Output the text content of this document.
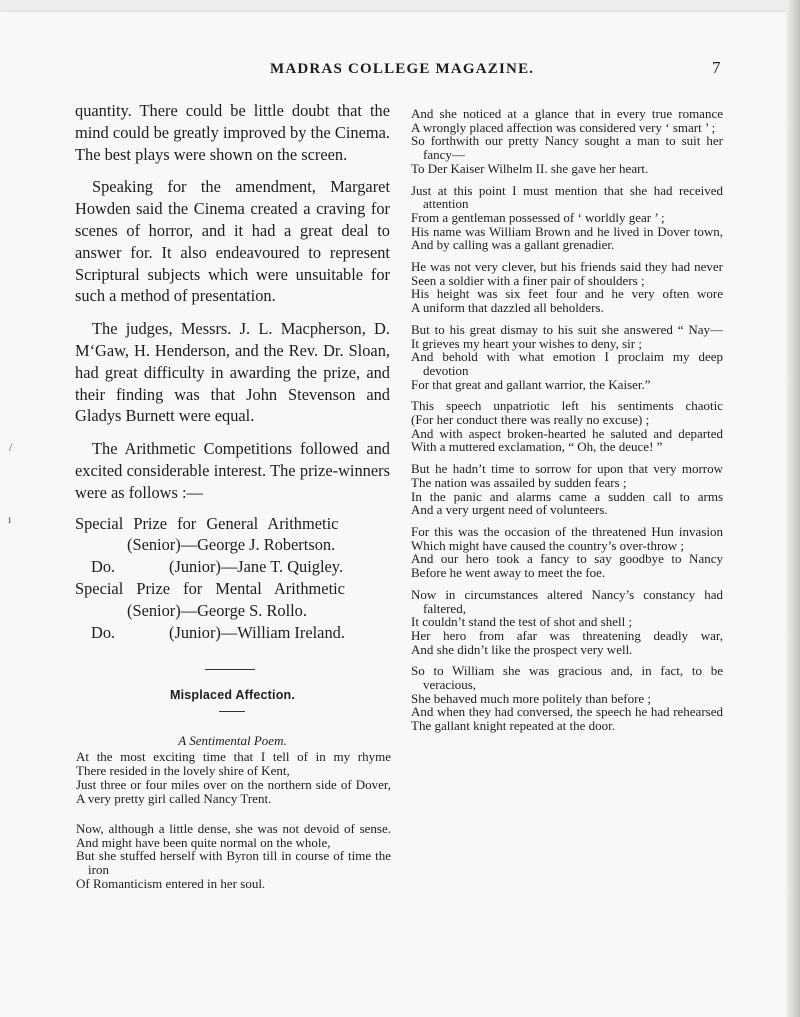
MADRAS COLLEGE MAGAZINE.	7

quantity. There could be little doubt that the mind could be greatly improved by the Cinema. The best plays were shown on the screen.

Speaking for the amendment, Margaret Howden said the Cinema created a craving for scenes of horror, and it had a great deal to answer for. It also endeavoured to represent Scriptural subjects which were unsuitable for such a method of presentation.

The judges, Messrs. J. L. Macpherson, D. M‘Gaw, H. Henderson, and the Rev. Dr. Sloan, had great difficulty in awarding the prize, and their finding was that John Stevenson and Gladys Burnett were equal.

The Arithmetic Competitions followed and excited considerable interest. The prize-winners were as follows :—

Special Prize for General Arithmetic
(Senior)—George J. Robertson.
Do.	(Junior)—Jane T. Quigley.
Special Prize for Mental Arithmetic
(Senior)—George S. Rollo.
Do.	(Junior)—William Ireland.
Misplaced Affection.
A Sentimental Poem.
At the most exciting time that I tell of in my rhyme
There resided in the lovely shire of Kent,
Just three or four miles over on the northern side of Dover,
A very pretty girl called Nancy Trent.
Now, although a little dense, she was not devoid of sense.
And might have been quite normal on the whole,
But she stuffed herself with Byron till in course of time the iron
Of Romanticism entered in her soul.
And she noticed at a glance that in every true romance
A wrongly placed affection was considered very ‘ smart ’ ;
So forthwith our pretty Nancy sought a man to suit her fancy—
To Der Kaiser Wilhelm II. she gave her heart.
Just at this point I must mention that she had received attention
From a gentleman possessed of ‘ worldly gear ’ ;
His name was William Brown and he lived in Dover town,
And by calling was a gallant grenadier.
He was not very clever, but his friends said they had never
Seen a soldier with a finer pair of shoulders ;
His height was six feet four and he very often wore
A uniform that dazzled all beholders.
But to his great dismay to his suit she answered “ Nay—
It grieves my heart your wishes to deny, sir ;
And behold with what emotion I proclaim my deep devotion
For that great and gallant warrior, the Kaiser.”
This speech unpatriotic left his sentiments chaotic
(For her conduct there was really no excuse) ;
And with aspect broken-hearted he saluted and departed
With a muttered exclamation, “ Oh, the deuce! ”
But he hadn’t time to sorrow for upon that very morrow
The nation was assailed by sudden fears ;
In the panic and alarms came a sudden call to arms
And a very urgent need of volunteers.
For this was the occasion of the threatened Hun invasion
Which might have caused the country’s over-throw ;
And our hero took a fancy to say goodbye to Nancy
Before he went away to meet the foe.
Now in circumstances altered Nancy’s constancy had faltered,
It couldn’t stand the test of shot and shell ;
Her hero from afar was threatening deadly war,
And she didn’t like the prospect very well.
So to William she was gracious and, in fact, to be veracious,
She behaved much more politely than before ;
And when they had conversed, the speech he had rehearsed
The gallant knight repeated at the door.
/
ı
